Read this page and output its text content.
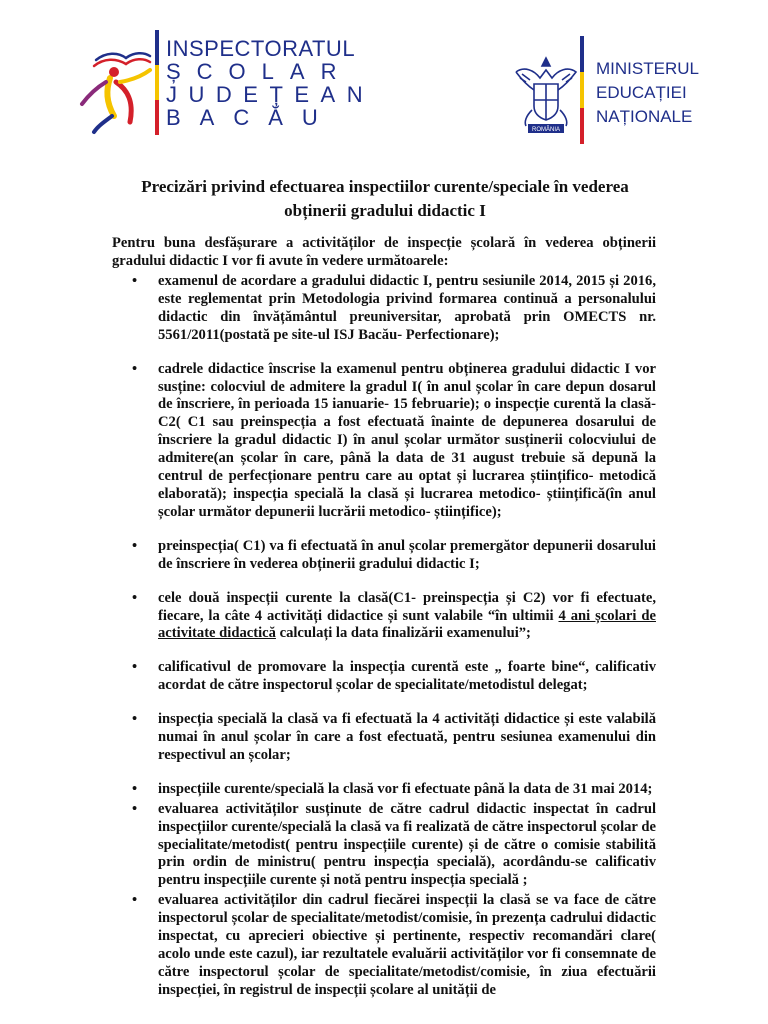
INSPECTORATUL
ȘCOLAR
JUDEȚEAN
BACĂU	ROMÂNIA
MINISTERUL
EDUCAȚIEI
NAȚIONALE
Precizări privind efectuarea inspectiilor curente/speciale în vederea
obținerii gradului didactic I
Pentru buna desfășurare a activităților de inspecție școlară în vederea obținerii gradului didactic I vor fi avute în vedere următoarele:
• examenul de acordare a gradului didactic I, pentru sesiunile 2014, 2015 și 2016, este reglementat prin Metodologia privind formarea continuă a personalului didactic din învățământul preuniversitar, aprobată prin OMECTS nr. 5561/2011(postată pe site-ul ISJ Bacău- Perfectionare);
• cadrele didactice înscrise la examenul pentru obținerea gradului didactic I vor susține: colocviul de admitere la gradul I( în anul școlar în care depun dosarul de înscriere, în perioada 15 ianuarie- 15 februarie); o inspecție curentă la clasă- C2( C1 sau preinspecția a fost efectuată înainte de depunerea dosarului de înscriere la gradul didactic I) în anul școlar următor susținerii colocviului de admitere(an școlar în care, până la data de 31 august trebuie să depună la centrul de perfecționare pentru care au optat și lucrarea științifico- metodică elaborată); inspecția specială la clasă și lucrarea metodico- științifică(în anul școlar următor depunerii lucrării metodico- științifice);
• preinspecția( C1) va fi efectuată în anul școlar premergător depunerii dosarului de înscriere în vederea obținerii gradului didactic I;
• cele două inspecții curente la clasă(C1- preinspecția și C2) vor fi efectuate, fiecare, la câte 4 activități didactice și sunt valabile “în ultimii 4 ani școlari de activitate didactică calculați la data finalizării examenului”;
• calificativul de promovare la inspecția curentă este „ foarte bine“, calificativ acordat de către inspectorul școlar de specialitate/metodistul delegat;
• inspecția specială la clasă va fi efectuată la 4 activități didactice și este valabilă numai în anul școlar în care a fost efectuată, pentru sesiunea examenului din respectivul an școlar;
• inspecțiile curente/specială la clasă vor fi efectuate până la data de 31 mai 2014;
• evaluarea activităților susținute de către cadrul didactic inspectat în cadrul inspecțiilor curente/specială la clasă va fi realizată de către inspectorul școlar de specialitate/metodist( pentru inspecțiile curente) și de către o comisie stabilită prin ordin de ministru( pentru inspecția specială), acordându-se calificativ pentru inspecțiile curente și notă pentru inspecția specială ;
• evaluarea activităților din cadrul fiecărei inspecții la clasă se va face de către inspectorul școlar de specialitate/metodist/comisie, în prezența cadrului didactic inspectat, cu aprecieri obiective și pertinente, respectiv recomandări clare( acolo unde este cazul), iar rezultatele evaluării activităților vor fi consemnate de către inspectorul școlar de specialitate/metodist/comisie, în ziua efectuării inspecției, în registrul de inspecții școlare al unității de
